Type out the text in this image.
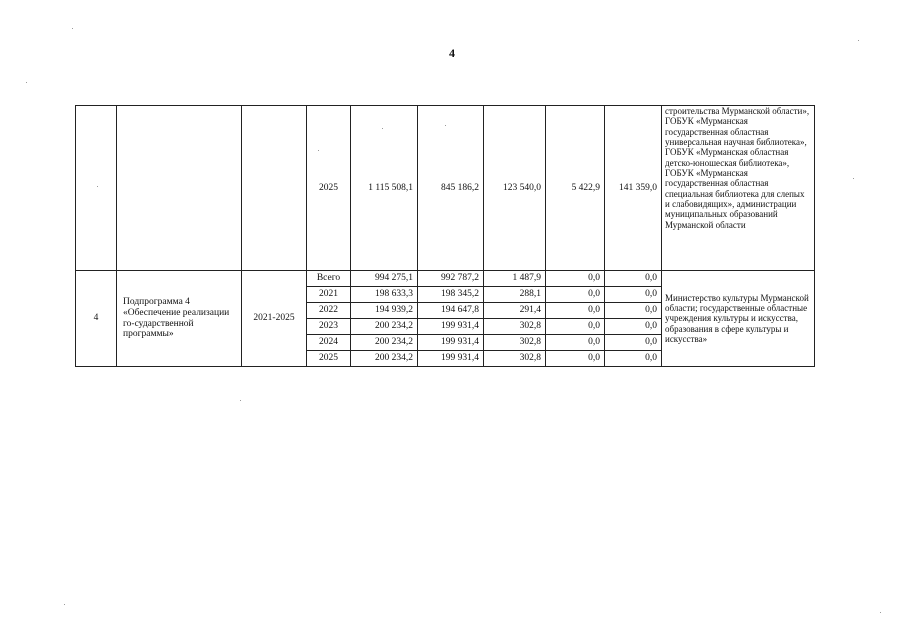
4
			2025	1 115 508,1	845 186,2	123 540,0	5 422,9	141 359,0	строительства Мурманской области», ГОБУК «Мурманская государственная областная универсальная научная библиотека», ГОБУК «Мурманская областная детско-юношеская библиотека», ГОБУК «Мурманская государственная областная специальная библиотека для слепых и слабовидящих», администрации муниципальных образований Мурманской области
4	Подпрограмма 4 «Обеспечение реализации го-сударственной программы»	2021-2025	Всего	994 275,1	992 787,2	1 487,9	0,0	0,0	Министерство культуры Мурманской области; государственные областные учреждения культуры и искусства, образования в сфере культуры и искусства»
			2021	198 633,3	198 345,2	288,1	0,0	0,0	
			2022	194 939,2	194 647,8	291,4	0,0	0,0	
			2023	200 234,2	199 931,4	302,8	0,0	0,0	
			2024	200 234,2	199 931,4	302,8	0,0	0,0	
			2025	200 234,2	199 931,4	302,8	0,0	0,0	
